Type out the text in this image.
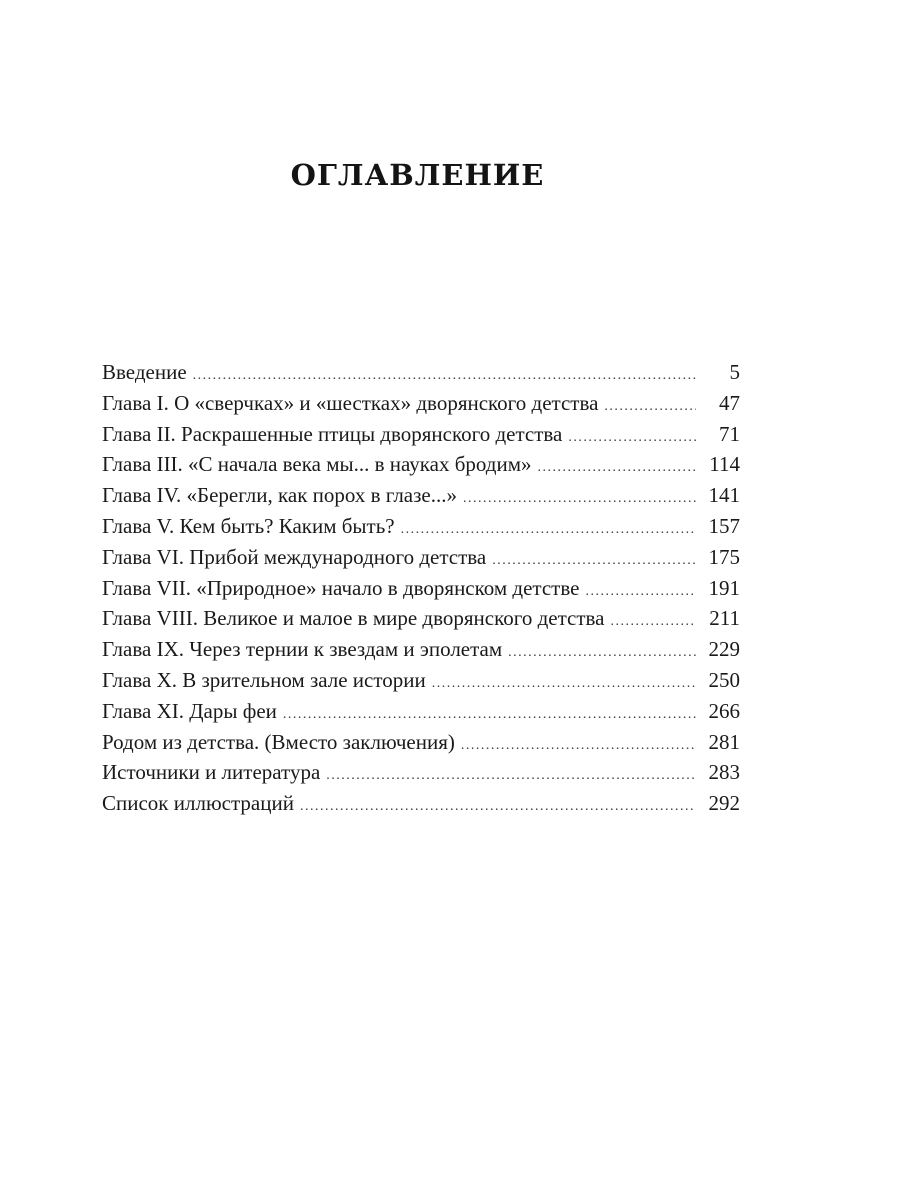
ОГЛАВЛЕНИЕ
Введение .....	5
Глава I. О «сверчках» и «шестках» дворянского детства .....	47
Глава II. Раскрашенные птицы дворянского детства .....	71
Глава III. «С начала века мы... в науках бродим» .....	114
Глава IV. «Берегли, как порох в глазе...» .....	141
Глава V. Кем быть? Каким быть? .....	157
Глава VI. Прибой международного детства .....	175
Глава VII. «Природное» начало в дворянском детстве .....	191
Глава VIII. Великое и малое в мире дворянского детства .....	211
Глава IX. Через тернии к звездам и эполетам .....	229
Глава X. В зрительном зале истории .....	250
Глава XI. Дары феи .....	266
Родом из детства. (Вместо заключения) .....	281
Источники и литература .....	283
Список иллюстраций .....	292
